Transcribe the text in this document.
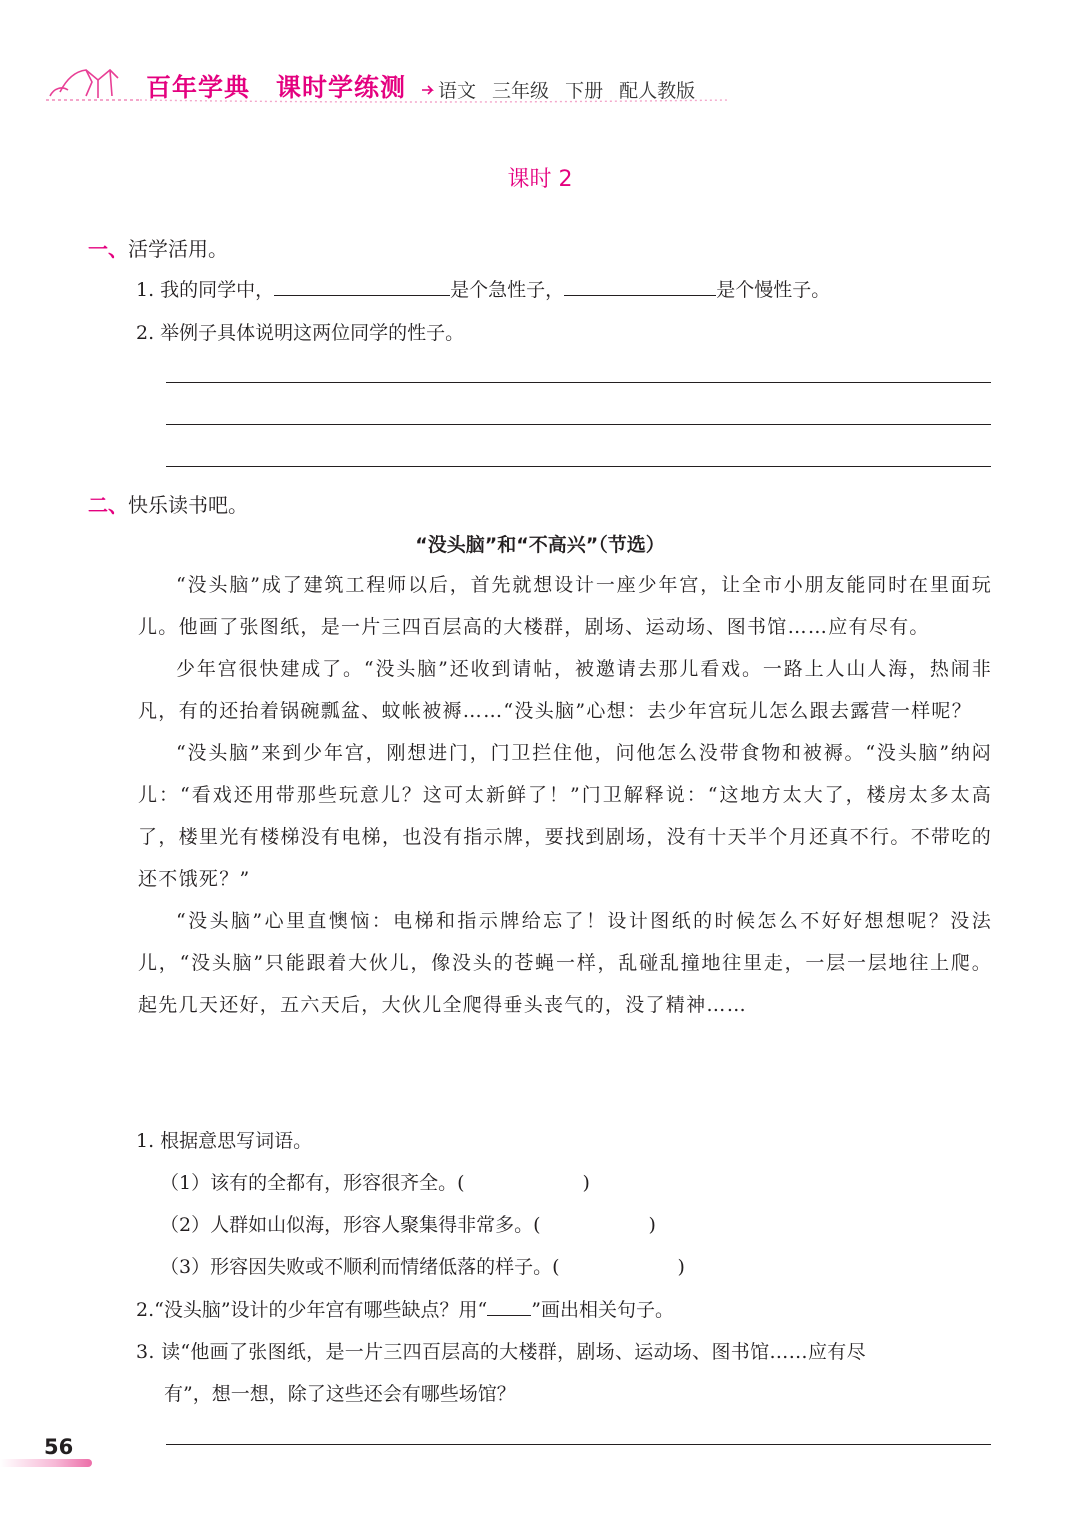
百年学典 课时学练测 语文 三年级 下册 配人教版
课时 2
一、活学活用。
1. 我的同学中，	是个急性子，	是个慢性子。
2. 举例子具体说明这两位同学的性子。
二、快乐读书吧。
“没头脑”和“不高兴”（节选）
“没头脑”成了建筑工程师以后，首先就想设计一座少年宫，让全市小朋友能同时在里面玩儿。他画了张图纸，是一片三四百层高的大楼群，剧场、运动场、图书馆……应有尽有。
少年宫很快建成了。“没头脑”还收到请帖，被邀请去那儿看戏。一路上人山人海，热闹非凡，有的还抬着锅碗瓢盆、蚊帐被褥……“没头脑”心想：去少年宫玩儿怎么跟去露营一样呢？
“没头脑”来到少年宫，刚想进门，门卫拦住他，问他怎么没带食物和被褥。“没头脑”纳闷儿：“看戏还用带那些玩意儿？这可太新鲜了！”门卫解释说：“这地方太大了，楼房太多太高了，楼里光有楼梯没有电梯，也没有指示牌，要找到剧场，没有十天半个月还真不行。不带吃的还不饿死？”
“没头脑”心里直懊恼：电梯和指示牌给忘了！设计图纸的时候怎么不好好想想呢？没法儿，“没头脑”只能跟着大伙儿，像没头的苍蝇一样，乱碰乱撞地往里走，一层一层地往上爬。起先几天还好，五六天后，大伙儿全爬得垂头丧气的，没了精神……
1. 根据意思写词语。
（1）该有的全都有，形容很齐全。(	)
（2）人群如山似海，形容人聚集得非常多。(	)
（3）形容因失败或不顺利而情绪低落的样子。(	)
2.“没头脑”设计的少年宫有哪些缺点？用“ ”画出相关句子。
3. 读“他画了张图纸，是一片三四百层高的大楼群，剧场、运动场、图书馆……应有尽
有”，想一想，除了这些还会有哪些场馆？
56
